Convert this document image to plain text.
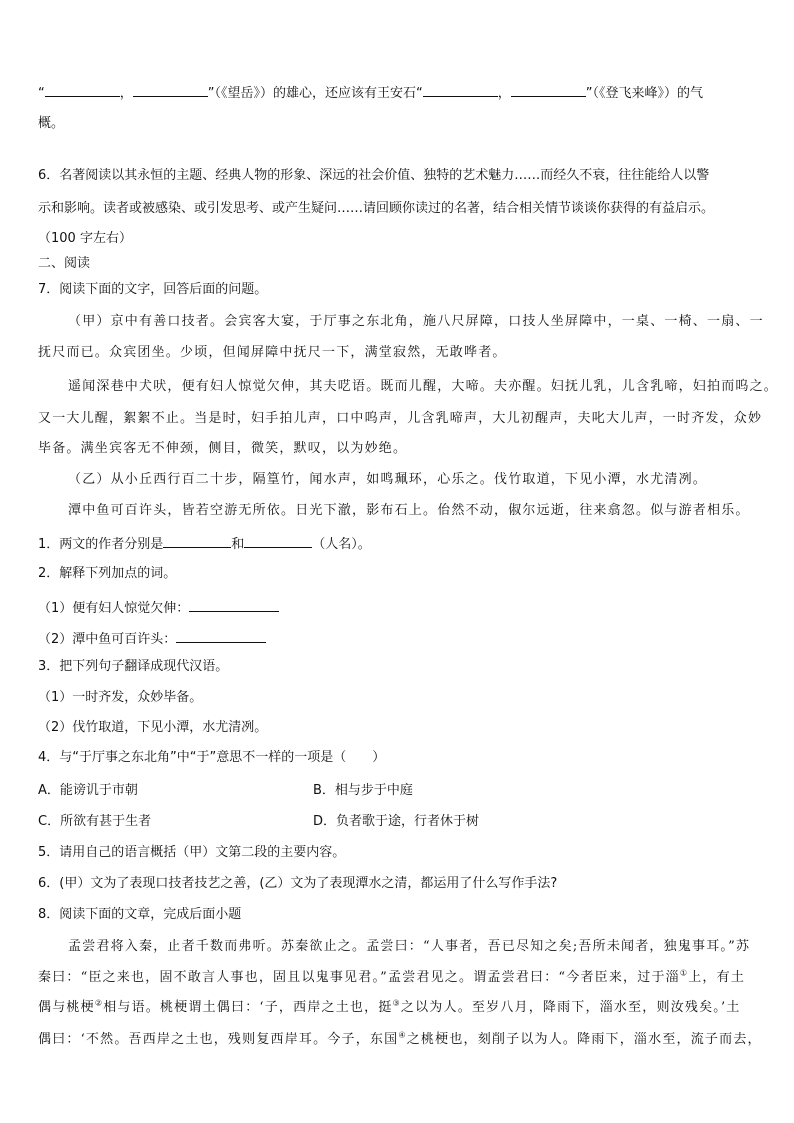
“	，	”（《望岳》）的雄心，还应该有王安石“	，	”（《登飞来峰》）的气
概。
6．名著阅读以其永恒的主题、经典人物的形象、深远的社会价值、独特的艺术魅力……而经久不衰，往往能给人以警
示和影响。读者或被感染、或引发思考、或产生疑问……请回顾你读过的名著，结合相关情节谈谈你获得的有益启示。
（100 字左右）
二、阅读
7．阅读下面的文字，回答后面的问题。
（甲）京中有善口技者。会宾客大宴，于厅事之东北角，施八尺屏障，口技人坐屏障中，一桌、一椅、一扇、一
抚尺而已。众宾团坐。少顷，但闻屏障中抚尺一下，满堂寂然，无敢哗者。
遥闻深巷中犬吠，便有妇人惊觉欠伸，其夫呓语。既而儿醒，大啼。夫亦醒。妇抚儿乳，儿含乳啼，妇拍而呜之。
又一大儿醒，絮絮不止。当是时，妇手拍儿声，口中呜声，儿含乳啼声，大儿初醒声，夫叱大儿声，一时齐发，众妙
毕备。满坐宾客无不伸颈，侧目，微笑，默叹，以为妙绝。
（乙）从小丘西行百二十步，隔篁竹，闻水声，如鸣珮环，心乐之。伐竹取道，下见小潭，水尤清冽。
潭中鱼可百许头，皆若空游无所依。日光下澈，影布石上。佁然不动，俶尔远逝，往来翕忽。似与游者相乐。
1．两文的作者分别是	和	（人名）。
2．解释下列加点的词。
（1）便有妇人惊觉欠伸：
（2）潭中鱼可百许头：
3．把下列句子翻译成现代汉语。
（1）一时齐发，众妙毕备。
（2）伐竹取道，下见小潭，水尤清冽。
4．与“于厅事之东北角”中“于”意思不一样的一项是（　　）
A．能谤讥于市朝	B．相与步于中庭
C．所欲有甚于生者	D．负者歌于途，行者休于树
5．请用自己的语言概括（甲）文第二段的主要内容。
6．(甲）文为了表现口技者技艺之善，(乙）文为了表现潭水之清，都运用了什么写作手法?
8．阅读下面的文章，完成后面小题
孟尝君将入秦，止者千数而弗听。苏秦欲止之。孟尝曰：“人事者，吾已尽知之矣;吾所未闻者，独鬼事耳。”苏
秦曰：“臣之来也，固不敢言人事也，固且以鬼事见君。”孟尝君见之。谓孟尝君曰：“今者臣来，过于淄①上，有土
偶与桃梗②相与语。桃梗谓土偶曰：‘子，西岸之土也，挺③之以为人。至岁八月，降雨下，淄水至，则汝残矣。’土
偶曰：‘不然。吾西岸之土也，残则复西岸耳。今子，东国④之桃梗也，刻削子以为人。降雨下，淄水至，流子而去，
